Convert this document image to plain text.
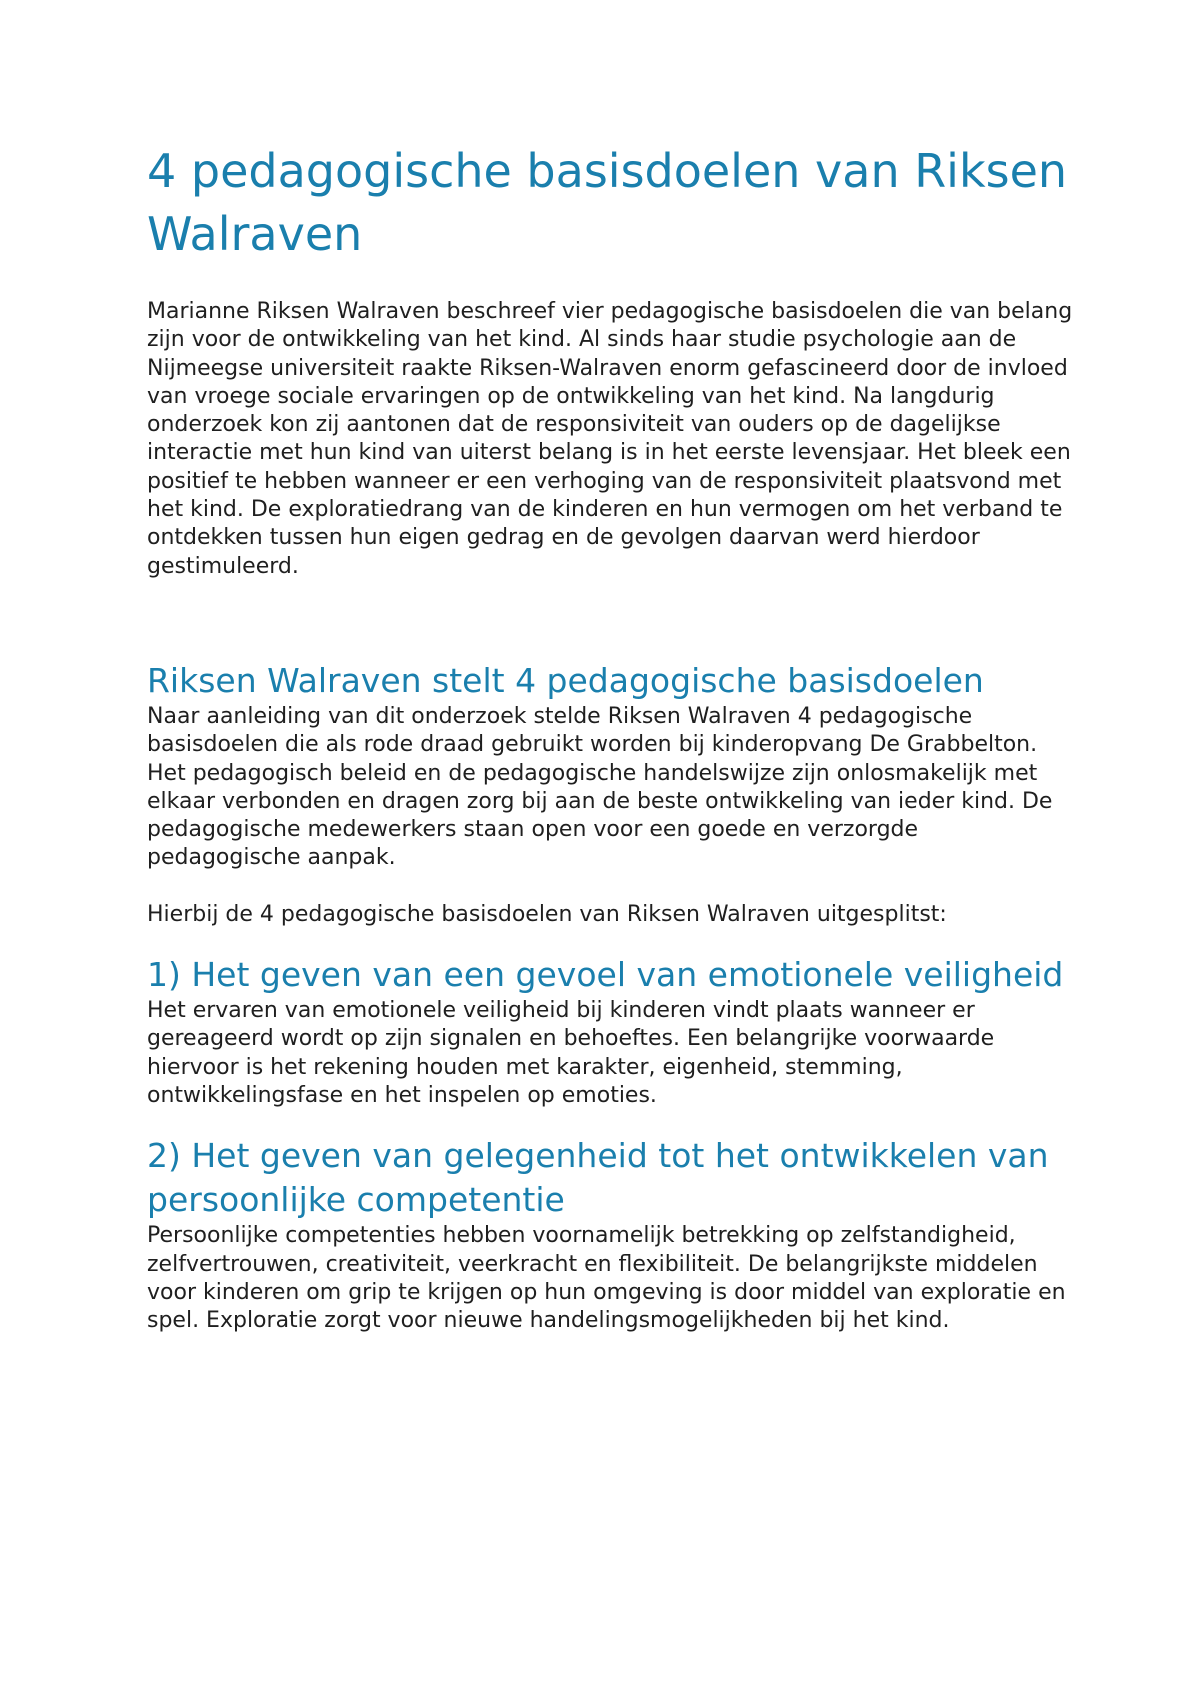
4 pedagogische basisdoelen van Riksen Walraven

Marianne Riksen Walraven beschreef vier pedagogische basisdoelen die van belang zijn voor de ontwikkeling van het kind. Al sinds haar studie psychologie aan de Nijmeegse universiteit raakte Riksen-Walraven enorm gefascineerd door de invloed van vroege sociale ervaringen op de ontwikkeling van het kind. Na langdurig onderzoek kon zij aantonen dat de responsiviteit van ouders op de dagelijkse interactie met hun kind van uiterst belang is in het eerste levensjaar. Het bleek een positief te hebben wanneer er een verhoging van de responsiviteit plaatsvond met het kind. De exploratiedrang van de kinderen en hun vermogen om het verband te ontdekken tussen hun eigen gedrag en de gevolgen daarvan werd hierdoor gestimuleerd.

Riksen Walraven stelt 4 pedagogische basisdoelen

Naar aanleiding van dit onderzoek stelde Riksen Walraven 4 pedagogische basisdoelen die als rode draad gebruikt worden bij kinderopvang De Grabbelton. Het pedagogisch beleid en de pedagogische handelswijze zijn onlosmakelijk met elkaar verbonden en dragen zorg bij aan de beste ontwikkeling van ieder kind. De pedagogische medewerkers staan open voor een goede en verzorgde pedagogische aanpak.

Hierbij de 4 pedagogische basisdoelen van Riksen Walraven uitgesplitst:

1) Het geven van een gevoel van emotionele veiligheid

Het ervaren van emotionele veiligheid bij kinderen vindt plaats wanneer er gereageerd wordt op zijn signalen en behoeftes. Een belangrijke voorwaarde hiervoor is het rekening houden met karakter, eigenheid, stemming, ontwikkelingsfase en het inspelen op emoties.

2) Het geven van gelegenheid tot het ontwikkelen van persoonlijke competentie

Persoonlijke competenties hebben voornamelijk betrekking op zelfstandigheid, zelfvertrouwen, creativiteit, veerkracht en flexibiliteit. De belangrijkste middelen voor kinderen om grip te krijgen op hun omgeving is door middel van exploratie en spel. Exploratie zorgt voor nieuwe handelingsmogelijkheden bij het kind.
